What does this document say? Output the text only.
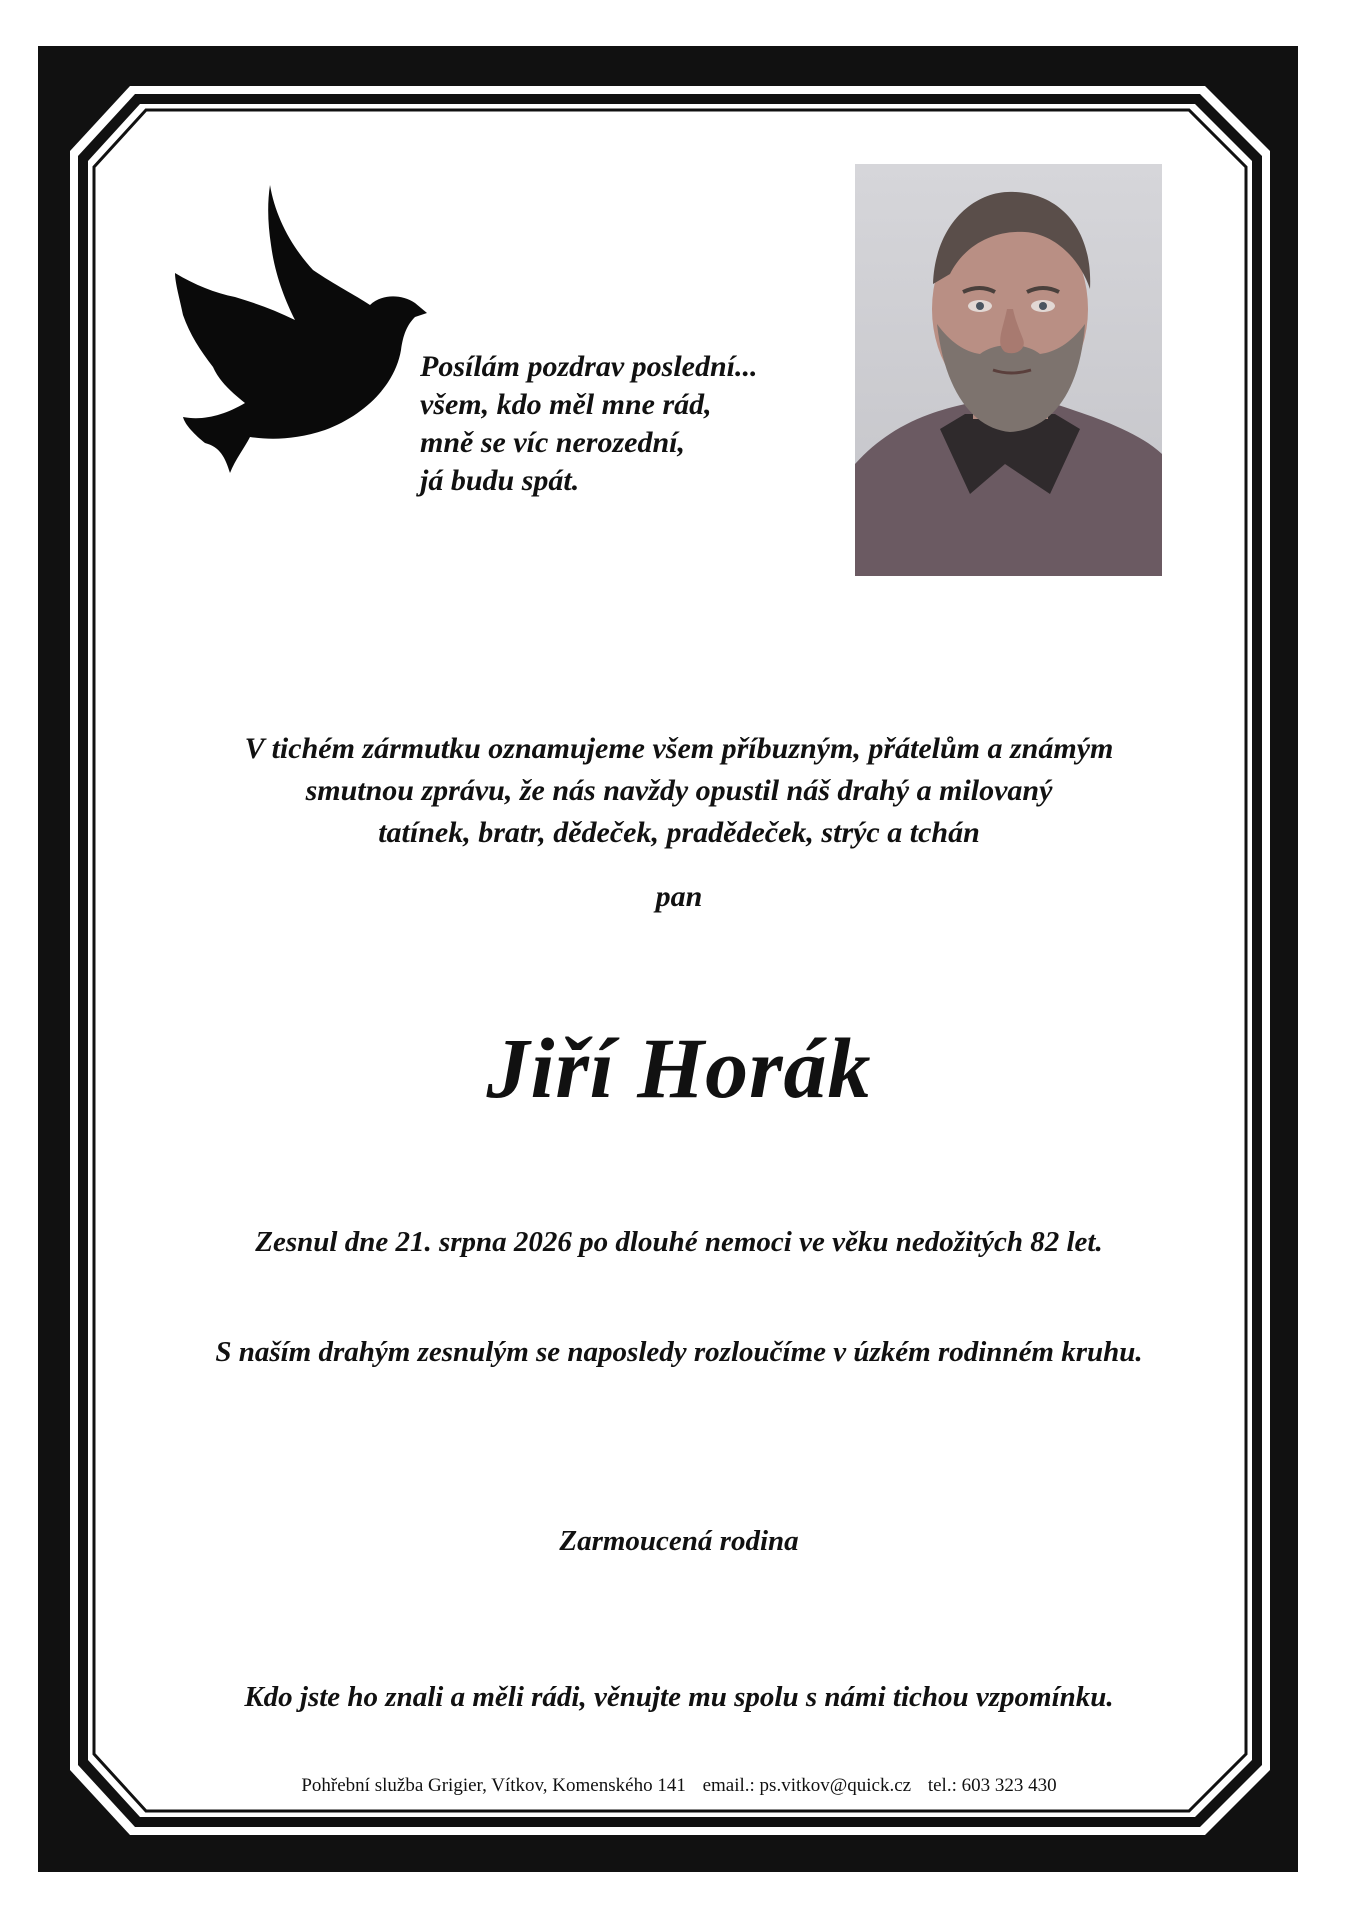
Posílám pozdrav poslední...
všem, kdo měl mne rád,
mně se víc nerozední,
já budu spát.
V tichém zármutku oznamujeme všem příbuzným, přátelům a známým
smutnou zprávu, že nás navždy opustil náš drahý a milovaný
tatínek, bratr, dědeček, pradědeček, strýc a tchán
pan
Jiří Horák
Zesnul dne 21. srpna 2026 po dlouhé nemoci ve věku nedožitých 82 let.
S naším drahým zesnulým se naposledy rozloučíme v úzkém rodinném kruhu.
Zarmoucená rodina
Kdo jste ho znali a měli rádi, věnujte mu spolu s námi tichou vzpomínku.
Pohřební služba Grigier, Vítkov, Komenského 141 email.: ps.vitkov@quick.cz tel.: 603 323 430
